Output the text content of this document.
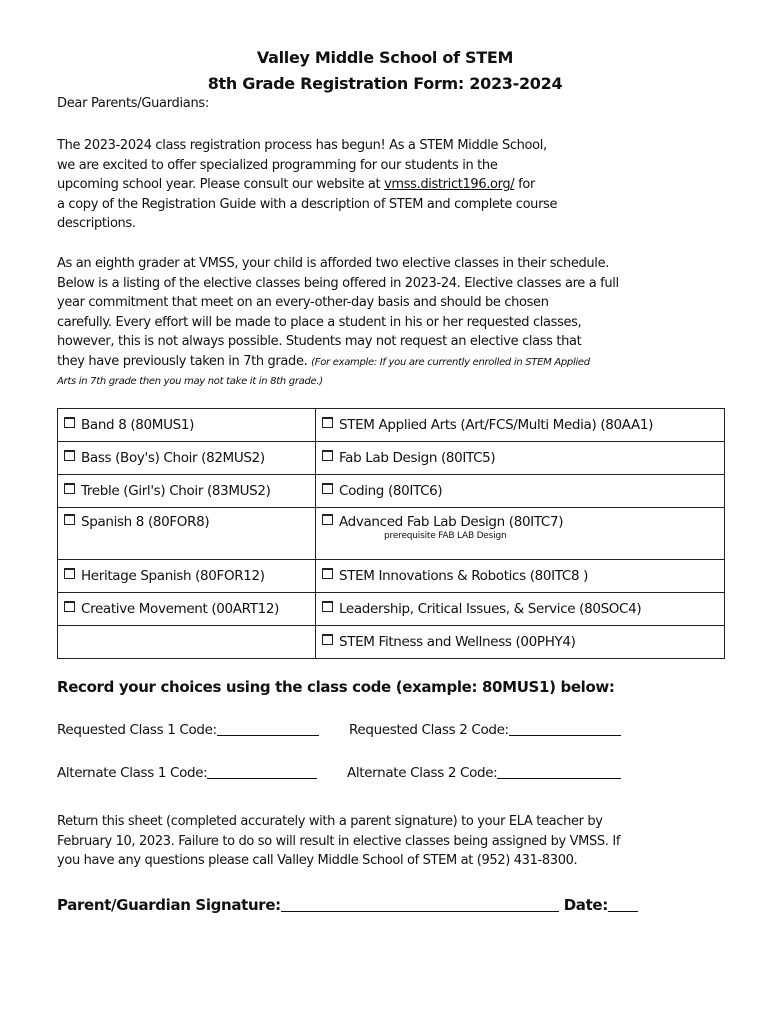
Valley Middle School of STEM
8th Grade Registration Form: 2023-2024
Dear Parents/Guardians:
The 2023-2024 class registration process has begun! As a STEM Middle School,
we are excited to offer specialized programming for our students in the
upcoming school year. Please consult our website at vmss.district196.org/ for
a copy of the Registration Guide with a description of STEM and complete course
descriptions.
As an eighth grader at VMSS, your child is afforded two elective classes in their schedule.
Below is a listing of the elective classes being offered in 2023-24. Elective classes are a full
year commitment that meet on an every-other-day basis and should be chosen
carefully. Every effort will be made to place a student in his or her requested classes,
however, this is not always possible. Students may not request an elective class that
they have previously taken in 7th grade. (For example: If you are currently enrolled in STEM Applied
Arts in 7th grade then you may not take it in 8th grade.)
Band 8 (80MUS1)	STEM Applied Arts (Art/FCS/Multi Media) (80AA1)
Bass (Boy's) Choir (82MUS2)	Fab Lab Design (80ITC5)
Treble (Girl's) Choir (83MUS2)	Coding (80ITC6)
Spanish 8 (80FOR8)	Advanced Fab Lab Design (80ITC7)
prerequisite FAB LAB Design

Heritage Spanish (80FOR12)	STEM Innovations & Robotics (80ITC8 )
Creative Movement (00ART12)	Leadership, Critical Issues, & Service (80SOC4)
	STEM Fitness and Wellness (00PHY4)
Record your choices using the class code (example: 80MUS1) below:
Requested Class 1 Code:	Requested Class 2 Code:
Alternate Class 1 Code:	Alternate Class 2 Code:
Return this sheet (completed accurately with a parent signature) to your ELA teacher by
February 10, 2023. Failure to do so will result in elective classes being assigned by VMSS. If
you have any questions please call Valley Middle School of STEM at (952) 431-8300.
Parent/Guardian Signature:	Date:
